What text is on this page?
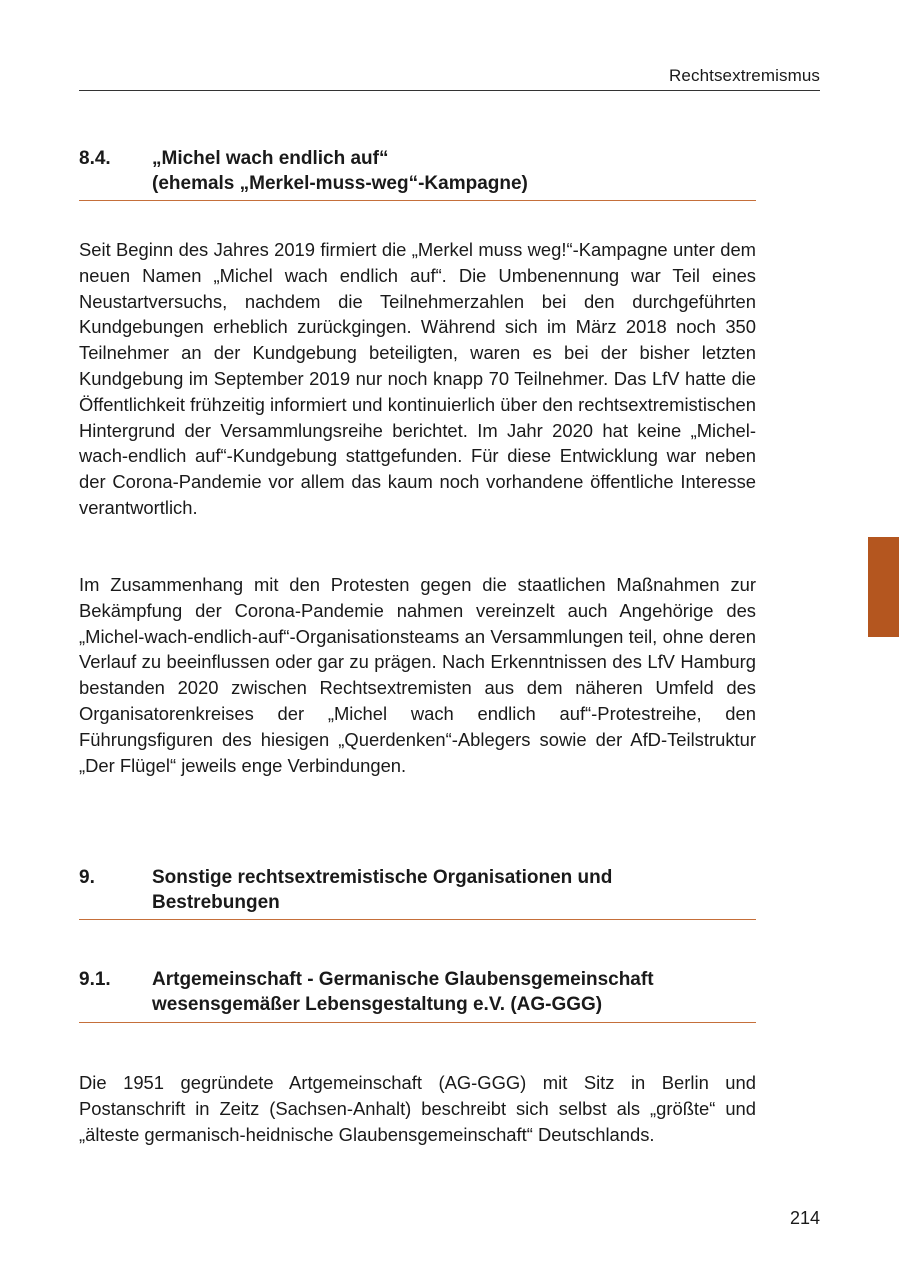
Rechtsextremismus
8.4. „Michel wach endlich auf“
(ehemals „Merkel-muss-weg“-Kampagne)

Seit Beginn des Jahres 2019 firmiert die „Merkel muss weg!“-Kampagne unter dem neuen Namen „Michel wach endlich auf“. Die Umbenennung war Teil eines Neustartversuchs, nachdem die Teilnehmerzahlen bei den durchgeführten Kundgebungen erheblich zurückgingen. Während sich im März 2018 noch 350 Teilnehmer an der Kundgebung beteiligten, waren es bei der bisher letzten Kundgebung im September 2019 nur noch knapp 70 Teilnehmer. Das LfV hatte die Öffentlichkeit frühzeitig informiert und kontinuierlich über den rechtsextremistischen Hintergrund der Versammlungsreihe berichtet. Im Jahr 2020 hat keine „Michel-wach-endlich auf“-Kundgebung stattgefunden. Für diese Entwicklung war neben der Corona-Pandemie vor allem das kaum noch vorhandene öffentliche Interesse verantwortlich.

Im Zusammenhang mit den Protesten gegen die staatlichen Maßnahmen zur Bekämpfung der Corona-Pandemie nahmen vereinzelt auch Angehörige des „Michel-wach-endlich-auf“-Organisationsteams an Versammlungen teil, ohne deren Verlauf zu beeinflussen oder gar zu prägen. Nach Erkenntnissen des LfV Hamburg bestanden 2020 zwischen Rechtsextremisten aus dem näheren Umfeld des Organisatorenkreises der „Michel wach endlich auf“-Protestreihe, den Führungsfiguren des hiesigen „Querdenken“-Ablegers sowie der AfD-Teilstruktur „Der Flügel“ jeweils enge Verbindungen.

9.	Sonstige rechtsextremistische Organisationen und
Bestrebungen
9.1. Artgemeinschaft - Germanische Glaubensgemeinschaft
wesensgemäßer Lebensgestaltung e.V. (AG-GGG)

Die 1951 gegründete Artgemeinschaft (AG-GGG) mit Sitz in Berlin und Postanschrift in Zeitz (Sachsen-Anhalt) beschreibt sich selbst als „größte“ und „älteste germanisch-heidnische Glaubensgemeinschaft“ Deutschlands.

214
